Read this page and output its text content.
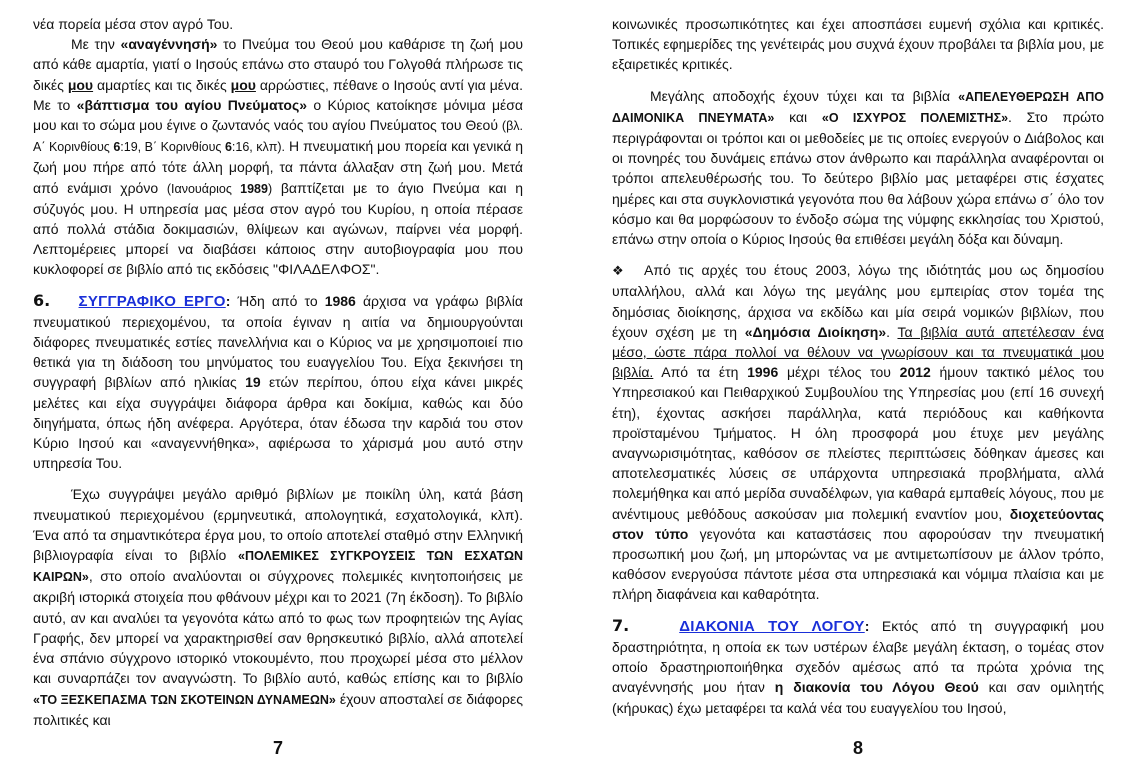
νέα πορεία μέσα στον αγρό Του.

Με την «αναγέννησή» το Πνεύμα του Θεού μου καθάρισε τη ζωή μου από κάθε αμαρτία, γιατί ο Ιησούς επάνω στο σταυρό του Γολγοθά πλήρωσε τις δικές μου αμαρτίες και τις δικές μου αρρώστιες, πέθανε ο Ιησούς αντί για μένα. Με το «βάπτισμα του αγίου Πνεύματος» ο Κύριος κατοίκησε μόνιμα μέσα μου και το σώμα μου έγινε ο ζωντανός ναός του αγίου Πνεύματος του Θεού (βλ. Α΄ Κορινθίους 6:19, Β΄ Κορινθίους 6:16, κλπ). Η πνευματική μου πορεία και γενικά η ζωή μου πήρε από τότε άλλη μορφή, τα πάντα άλλαξαν στη ζωή μου. Μετά από ενάμισι χρόνο (Ιανουάριος 1989) βαπτίζεται με το άγιο Πνεύμα και η σύζυγός μου. Η υπηρεσία μας μέσα στον αγρό του Κυρίου, η οποία πέρασε από πολλά στάδια δοκιμασιών, θλίψεων και αγώνων, παίρνει νέα μορφή. Λεπτομέρειες μπορεί να διαβάσει κάποιος στην αυτοβιογραφία μου που κυκλοφορεί σε βιβλίο από τις εκδόσεις "ΦΙΛΑΔΕΛΦΟΣ".

6. ΣΥΓΓΡΑΦΙΚΟ ΕΡΓΟ: Ήδη από το 1986 άρχισα να γράφω βιβλία πνευματικού περιεχομένου, τα οποία έγιναν η αιτία να δημιουργούνται διάφορες πνευματικές εστίες πανελλήνια και ο Κύριος να με χρησιμοποιεί πιο θετικά για τη διάδοση του μηνύματος του ευαγγελίου Του. Είχα ξεκινήσει τη συγγραφή βιβλίων από ηλικίας 19 ετών περίπου, όπου είχα κάνει μικρές μελέτες και είχα συγγράψει διάφορα άρθρα και δοκίμια, καθώς και δύο διηγήματα, όπως ήδη ανέφερα. Αργότερα, όταν έδωσα την καρδιά του στον Κύριο Ιησού και «αναγεννήθηκα», αφιέρωσα το χάρισμά μου αυτό στην υπηρεσία Του.

Έχω συγγράψει μεγάλο αριθμό βιβλίων με ποικίλη ύλη, κατά βάση πνευματικού περιεχομένου (ερμηνευτικά, απολογητικά, εσχατολογικά, κλπ). Ένα από τα σημαντικότερα έργα μου, το οποίο αποτελεί σταθμό στην Ελληνική βιβλιογραφία είναι το βιβλίο «ΠΟΛΕΜΙΚΕΣ ΣΥΓΚΡΟΥΣΕΙΣ ΤΩΝ ΕΣΧΑΤΩΝ ΚΑΙΡΩΝ», στο οποίο αναλύονται οι σύγχρονες πολεμικές κινητοποιήσεις με ακριβή ιστορικά στοιχεία που φθάνουν μέχρι και το 2021 (7η έκδοση). Το βιβλίο αυτό, αν και αναλύει τα γεγονότα κάτω από το φως των προφητειών της Αγίας Γραφής, δεν μπορεί να χαρακτηρισθεί σαν θρησκευτικό βιβλίο, αλλά αποτελεί ένα σπάνιο σύγχρονο ιστορικό ντοκουμέντο, που προχωρεί μέσα στο μέλλον και συναρπάζει τον αναγνώστη. Το βιβλίο αυτό, καθώς επίσης και το βιβλίο «ΤΟ ΞΕΣΚΕΠΑΣΜΑ ΤΩΝ ΣΚΟΤΕΙΝΩΝ ΔΥΝΑΜΕΩΝ» έχουν αποσταλεί σε διάφορες πολιτικές και

7

κοινωνικές προσωπικότητες και έχει αποσπάσει ευμενή σχόλια και κριτικές. Τοπικές εφημερίδες της γενέτειράς μου συχνά έχουν προβάλει τα βιβλία μου, με εξαιρετικές κριτικές.

Μεγάλης αποδοχής έχουν τύχει και τα βιβλία «ΑΠΕΛΕΥΘΕΡΩΣΗ ΑΠΟ ΔΑΙΜΟΝΙΚΑ ΠΝΕΥΜΑΤΑ» και «Ο ΙΣΧΥΡΟΣ ΠΟΛΕΜΙΣΤΗΣ». Στο πρώτο περιγράφονται οι τρόποι και οι μεθοδείες με τις οποίες ενεργούν ο Διάβολος και οι πονηρές του δυνάμεις επάνω στον άνθρωπο και παράλληλα αναφέρονται οι τρόποι απελευθέρωσής του. Το δεύτερο βιβλίο μας μεταφέρει στις έσχατες ημέρες και στα συγκλονιστικά γεγονότα που θα λάβουν χώρα επάνω σ΄ όλο τον κόσμο και θα μορφώσουν το ένδοξο σώμα της νύμφης εκκλησίας του Χριστού, επάνω στην οποία ο Κύριος Ιησούς θα επιθέσει μεγάλη δόξα και δύναμη.

❖ Από τις αρχές του έτους 2003, λόγω της ιδιότητάς μου ως δημοσίου υπαλλήλου, αλλά και λόγω της μεγάλης μου εμπειρίας στον τομέα της δημόσιας διοίκησης, άρχισα να εκδίδω και μία σειρά νομικών βιβλίων, που έχουν σχέση με τη «Δημόσια Διοίκηση». Τα βιβλία αυτά απετέλεσαν ένα μέσο, ώστε πάρα πολλοί να θέλουν να γνωρίσουν και τα πνευματικά μου βιβλία. Από τα έτη 1996 μέχρι τέλος του 2012 ήμουν τακτικό μέλος του Υπηρεσιακού και Πειθαρχικού Συμβουλίου της Υπηρεσίας μου (επί 16 συνεχή έτη), έχοντας ασκήσει παράλληλα, κατά περιόδους και καθήκοντα προϊσταμένου Τμήματος. Η όλη προσφορά μου έτυχε μεν μεγάλης αναγνωρισιμότητας, καθόσον σε πλείστες περιπτώσεις δόθηκαν άμεσες και αποτελεσματικές λύσεις σε υπάρχοντα υπηρεσιακά προβλήματα, αλλά πολεμήθηκα και από μερίδα συναδέλφων, για καθαρά εμπαθείς λόγους, που με ανέντιμους μεθόδους ασκούσαν μια πολεμική εναντίον μου, διοχετεύοντας στον τύπο γεγονότα και καταστάσεις που αφορούσαν την πνευματική προσωπική μου ζωή, μη μπορώντας να με αντιμετωπίσουν με άλλον τρόπο, καθόσον ενεργούσα πάντοτε μέσα στα υπηρεσιακά και νόμιμα πλαίσια και με πλήρη διαφάνεια και καθαρότητα.

7.	ΔΙΑΚΟΝΙΑ ΤΟΥ ΛΟΓΟΥ: Εκτός από τη συγγραφική μου δραστηριότητα, η οποία εκ των υστέρων έλαβε μεγάλη έκταση, ο τομέας στον οποίο δραστηριοποιήθηκα σχεδόν αμέσως από τα πρώτα χρόνια της αναγέννησής μου ήταν η διακονία του Λόγου Θεού και σαν ομιλητής (κήρυκας) έχω μεταφέρει τα καλά νέα του ευαγγελίου του Ιησού,

8
